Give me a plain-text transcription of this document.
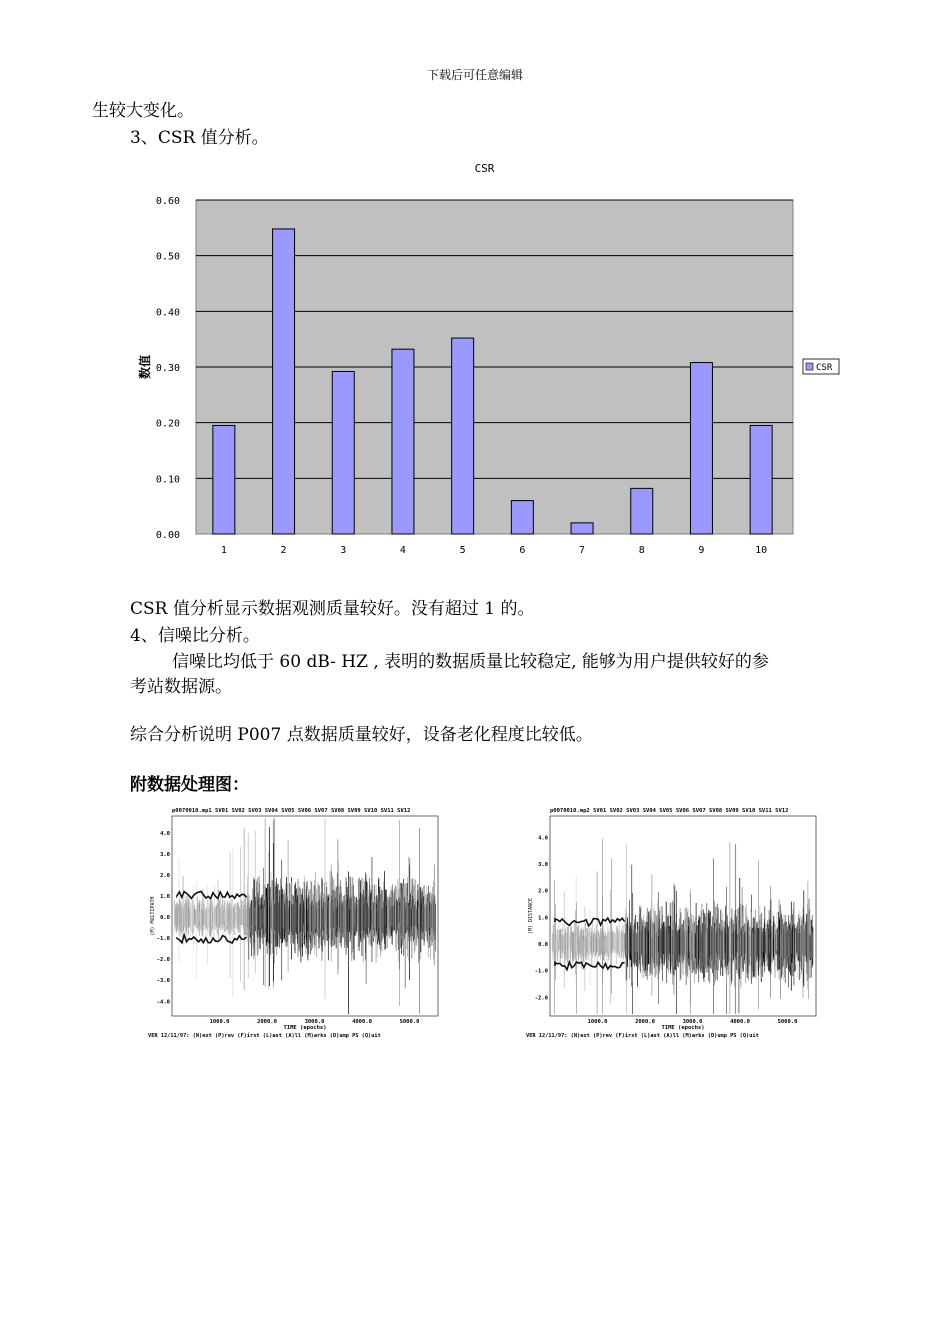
下载后可任意编辑
生较大变化。
3、CSR 值分析。
CSR
0.00
0.10
0.20
0.30
0.40
0.50
0.60
1	2	3	4	5	6	7	8	9	10
数值	CSR
CSR 值分析显示数据观测质量较好。没有超过 1 的。
4、信噪比分析。
信噪比均低于 60 dB- HZ , 表明的数据质量比较稳定, 能够为用户提供较好的参
考站数据源。
综合分析说明 P007 点数据质量较好，设备老化程度比较低。
附数据处理图：
p0070010.mp1 SV01 SV02 SV03 SV04 SV05 SV06 SV07 SV08 SV09 SV10 SV11 SV12
4.0
3.0
2.0
1.0
0.0
-1.0
-2.0
-3.0
-4.0
(M) MULTIPATH
1000.0	2000.0	3000.0	4000.0	5000.0
TIME (epochs)
VER 12/11/97: (N)ext (P)rev (F)irst (L)ast (A)ll (M)arks (D)ump PS (Q)uit
p0070010.mp2 SV01 SV02 SV03 SV04 SV05 SV06 SV07 SV08 SV09 SV10 SV11 SV12
4.0
3.0
2.0
1.0
0.0
-1.0
-2.0
(M) DISTANCE
1000.0	2000.0	3000.0	4000.0	5000.0
TIME (epochs)
VER 12/11/97: (N)ext (P)rev (F)irst (L)ast (A)ll (M)arks (D)ump PS (Q)uit
